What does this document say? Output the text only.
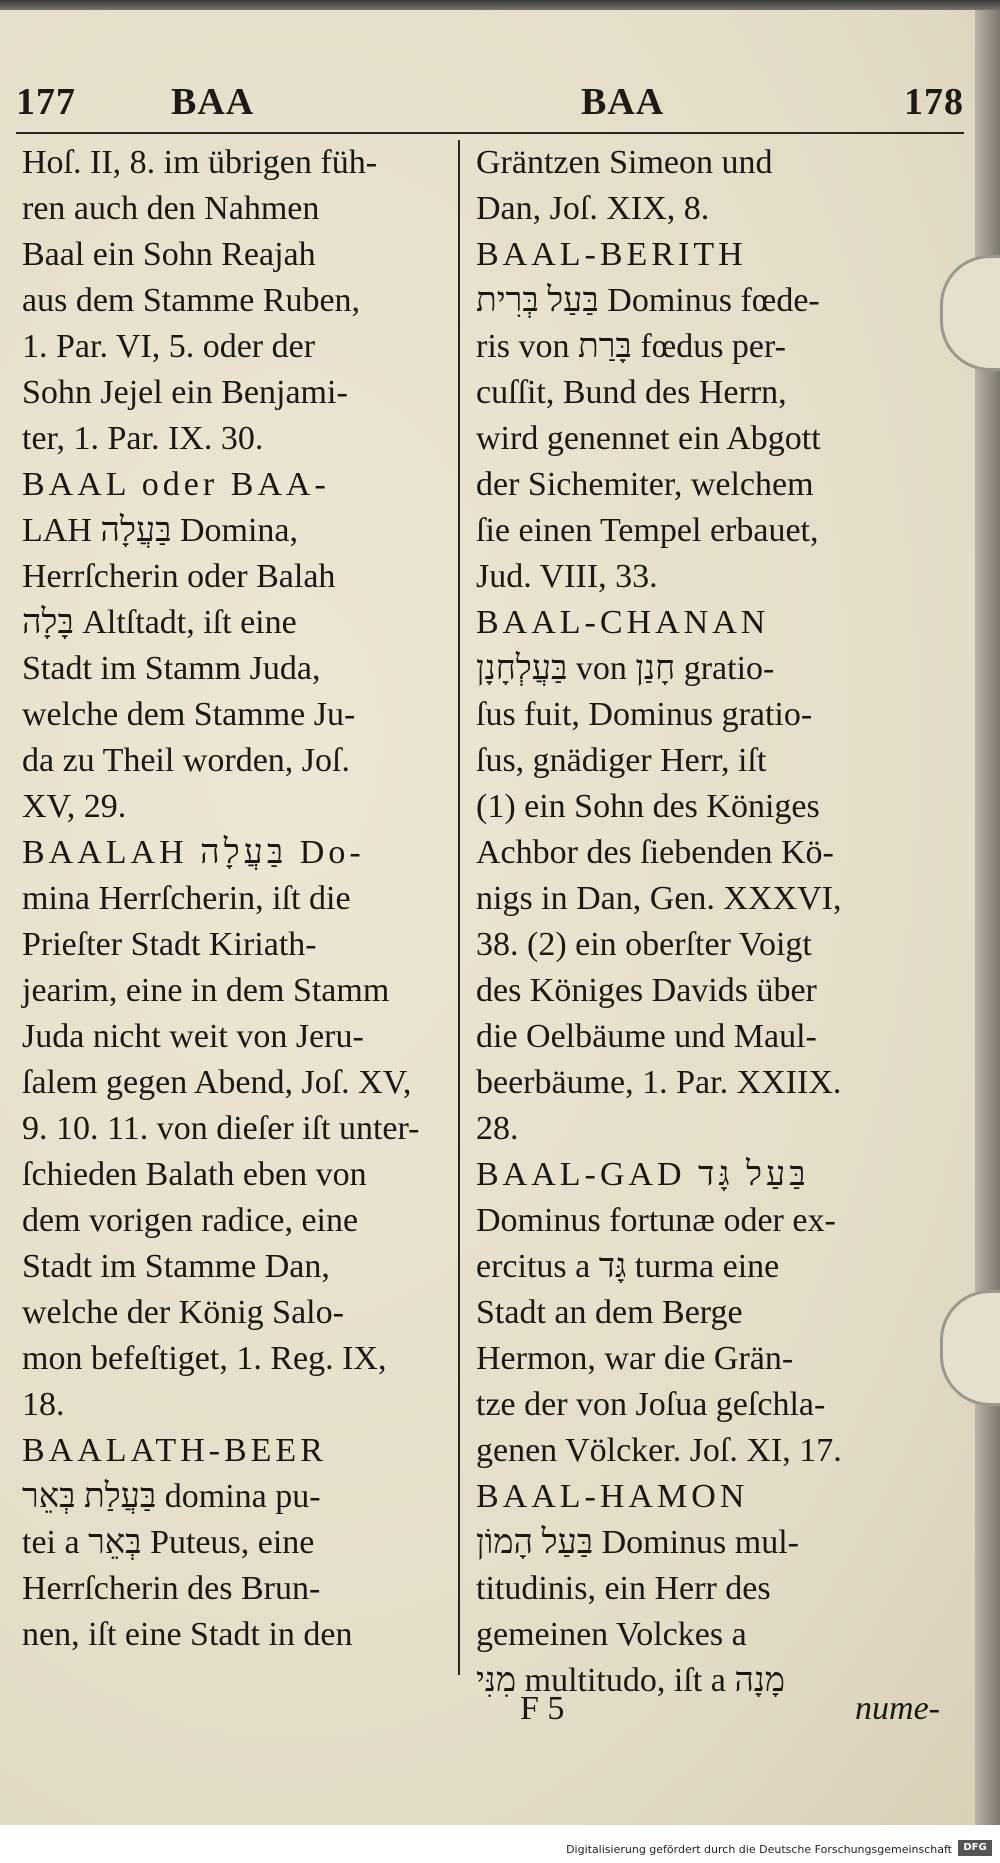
177	BAA	BAA	178

Hoſ. II, 8. im übrigen füh-

ren auch den Nahmen

Baal ein Sohn Reajah

aus dem Stamme Ruben,

1. Par. VI, 5. oder der

Sohn Jejel ein Benjami-

ter, 1. Par. IX. 30.

BAAL oder BAA-

LAH בַּעֲלָה Domina,

Herrſcherin oder Balah

בָּלָה Altſtadt, iſt eine

Stadt im Stamm Juda,

welche dem Stamme Ju-

da zu Theil worden, Joſ.

XV, 29.

BAALAH בַּעֲלָה Do-

mina Herrſcherin, iſt die

Prieſter Stadt Kiriath-

jearim, eine in dem Stamm

Juda nicht weit von Jeru-

ſalem gegen Abend, Joſ. XV,

9. 10. 11. von dieſer iſt unter-

ſchieden Balath eben von

dem vorigen radice, eine

Stadt im Stamme Dan,

welche der König Salo-

mon befeſtiget, 1. Reg. IX,

18.

BAALATH-BEER

בַּעֲלַת בְּאֵר domina pu-

tei a בְּאֵר Puteus, eine

Herrſcherin des Brun-

nen, iſt eine Stadt in den

Gräntzen Simeon und

Dan, Joſ. XIX, 8.

BAAL-BERITH

בַּעַל בְּרִית Dominus fœde-

ris von בָּרַת fœdus per-

cuſſit, Bund des Herrn,

wird genennet ein Abgott

der Sichemiter, welchem

ſie einen Tempel erbauet,

Jud. VIII, 33.

BAAL-CHANAN

בַּעֲלְחָנָן von חָנַן gratio-

ſus fuit, Dominus gratio-

ſus, gnädiger Herr, iſt

(1) ein Sohn des Königes

Achbor des ſiebenden Kö-

nigs in Dan, Gen. XXXVI,

38. (2) ein oberſter Voigt

des Königes Davids über

die Oelbäume und Maul-

beerbäume, 1. Par. XXIIX.

28.

BAAL-GAD בַּעַל גָּד

Dominus fortunæ oder ex-

ercitus a גָּד turma eine

Stadt an dem Berge

Hermon, war die Grän-

tze der von Joſua geſchla-

genen Völcker. Joſ. XI, 17.

BAAL-HAMON

בַּעַל הָמוֹן Dominus mul-

titudinis, ein Herr des

gemeinen Volckes a

מִנִּי multitudo, iſt a מָנָה

F 5	nume-
Digitalisierung gefördert durch die Deutsche Forschungsgemeinschaft	DFG
